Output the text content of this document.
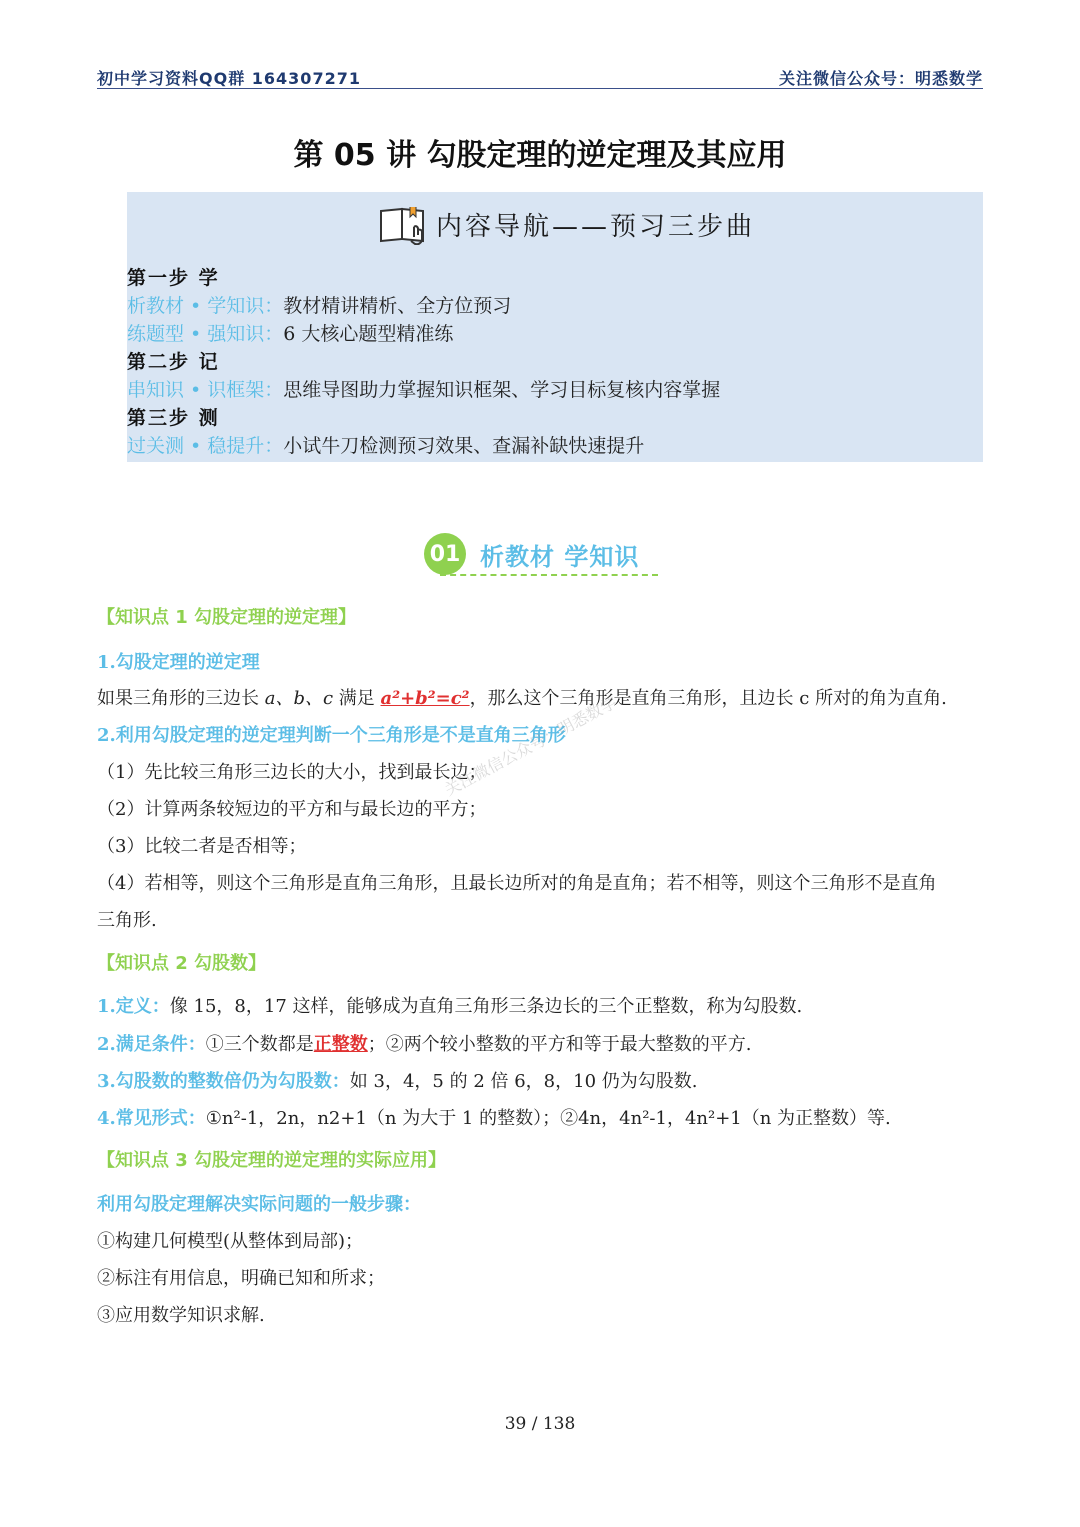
初中学习资料QQ群 164307271	关注微信公众号：明悉数学
第 05 讲 勾股定理的逆定理及其应用
内容导航——预习三步曲
第一步 学
析教材 • 学知识：教材精讲精析、全方位预习
练题型 • 强知识：6 大核心题型精准练
第二步 记
串知识 • 识框架：思维导图助力掌握知识框架、学习目标复核内容掌握
第三步 测
过关测 • 稳提升：小试牛刀检测预习效果、查漏补缺快速提升
01 析教材 学知识
【知识点 1 勾股定理的逆定理】
1.勾股定理的逆定理
如果三角形的三边长 a、b、c 满足 a²+b²=c²，那么这个三角形是直角三角形，且边长 c 所对的角为直角.
2.利用勾股定理的逆定理判断一个三角形是不是直角三角形
（1）先比较三角形三边长的大小，找到最长边；
（2）计算两条较短边的平方和与最长边的平方；
（3）比较二者是否相等；
（4）若相等，则这个三角形是直角三角形，且最长边所对的角是直角；若不相等，则这个三角形不是直角
三角形.
【知识点 2 勾股数】
1.定义：像 15，8，17 这样，能够成为直角三角形三条边长的三个正整数，称为勾股数.
2.满足条件：①三个数都是正整数；②两个较小整数的平方和等于最大整数的平方.
3.勾股数的整数倍仍为勾股数：如 3，4，5 的 2 倍 6，8，10 仍为勾股数.
4.常见形式：①n²-1，2n，n2+1（n 为大于 1 的整数）；②4n，4n²-1，4n²+1（n 为正整数）等.
【知识点 3 勾股定理的逆定理的实际应用】
利用勾股定理解决实际问题的一般步骤：
①构建几何模型(从整体到局部)；
②标注有用信息，明确已知和所求；
③应用数学知识求解.
关注微信公众号：明悉数学
39 / 138
